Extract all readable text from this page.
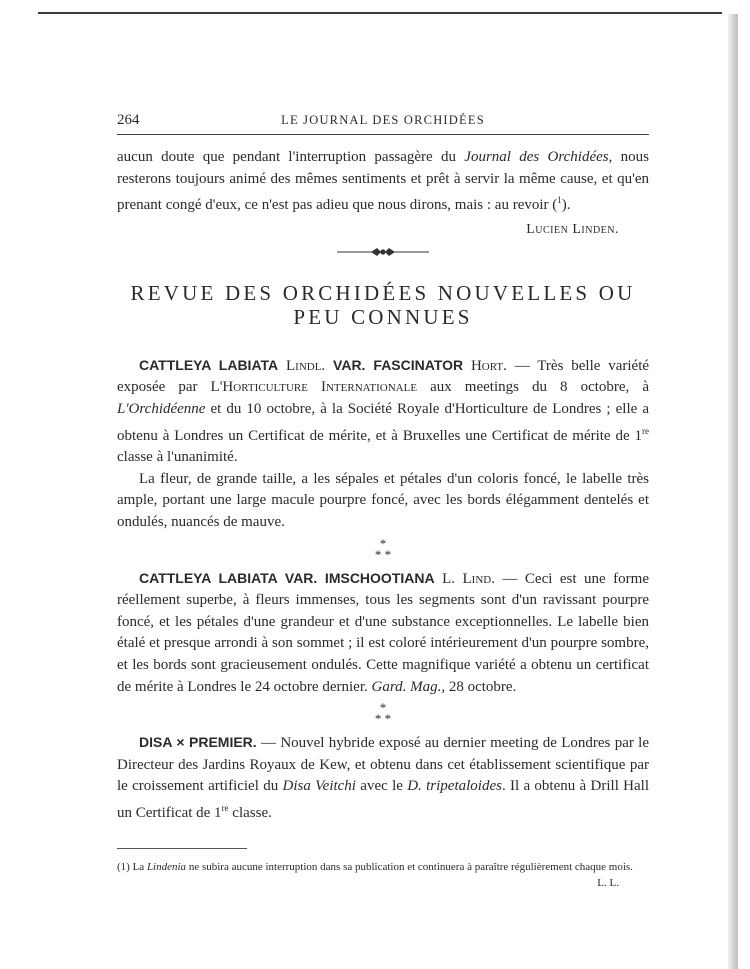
264	LE JOURNAL DES ORCHIDÉES

aucun doute que pendant l'interruption passagère du Journal des Orchidées, nous resterons toujours animé des mêmes sentiments et prêt à servir la même cause, et qu'en prenant congé d'eux, ce n'est pas adieu que nous dirons, mais : au revoir ($^1$).

Lucien Linden.
REVUE DES ORCHIDÉES NOUVELLES OU
PEU CONNUES

CATTLEYA LABIATA Lindl. VAR. FASCINATOR Hort. — Très belle variété exposée par L'Horticulture Internationale aux meetings du 8 octobre, à L'Orchidéenne et du 10 octobre, à la Société Royale d'Horticulture de Londres ; elle a obtenu à Londres un Certificat de mérite, et à Bruxelles une Certificat de mérite de 1re classe à l'unanimité.

La fleur, de grande taille, a les sépales et pétales d'un coloris foncé, le labelle très ample, portant une large macule pourpre foncé, avec les bords élégamment dentelés et ondulés, nuancés de mauve.

*
* *

CATTLEYA LABIATA VAR. IMSCHOOTIANA L. Lind. — Ceci est une forme réellement superbe, à fleurs immenses, tous les segments sont d'un ravissant pourpre foncé, et les pétales d'une grandeur et d'une substance exceptionnelles. Le labelle bien étalé et presque arrondi à son sommet ; il est coloré intérieurement d'un pourpre sombre, et les bords sont gracieusement ondulés. Cette magnifique variété a obtenu un certificat de mérite à Londres le 24 octobre dernier. Gard. Mag., 28 octobre.

*
* *

DISA × PREMIER. — Nouvel hybride exposé au dernier meeting de Londres par le Directeur des Jardins Royaux de Kew, et obtenu dans cet établissement scientifique par le croissement artificiel du Disa Veitchi avec le D. tripetaloides. Il a obtenu à Drill Hall un Certificat de 1re classe.

(1) La Lindenia ne subira aucune interruption dans sa publication et continuera à paraître régulièrement chaque mois.
L. L.
